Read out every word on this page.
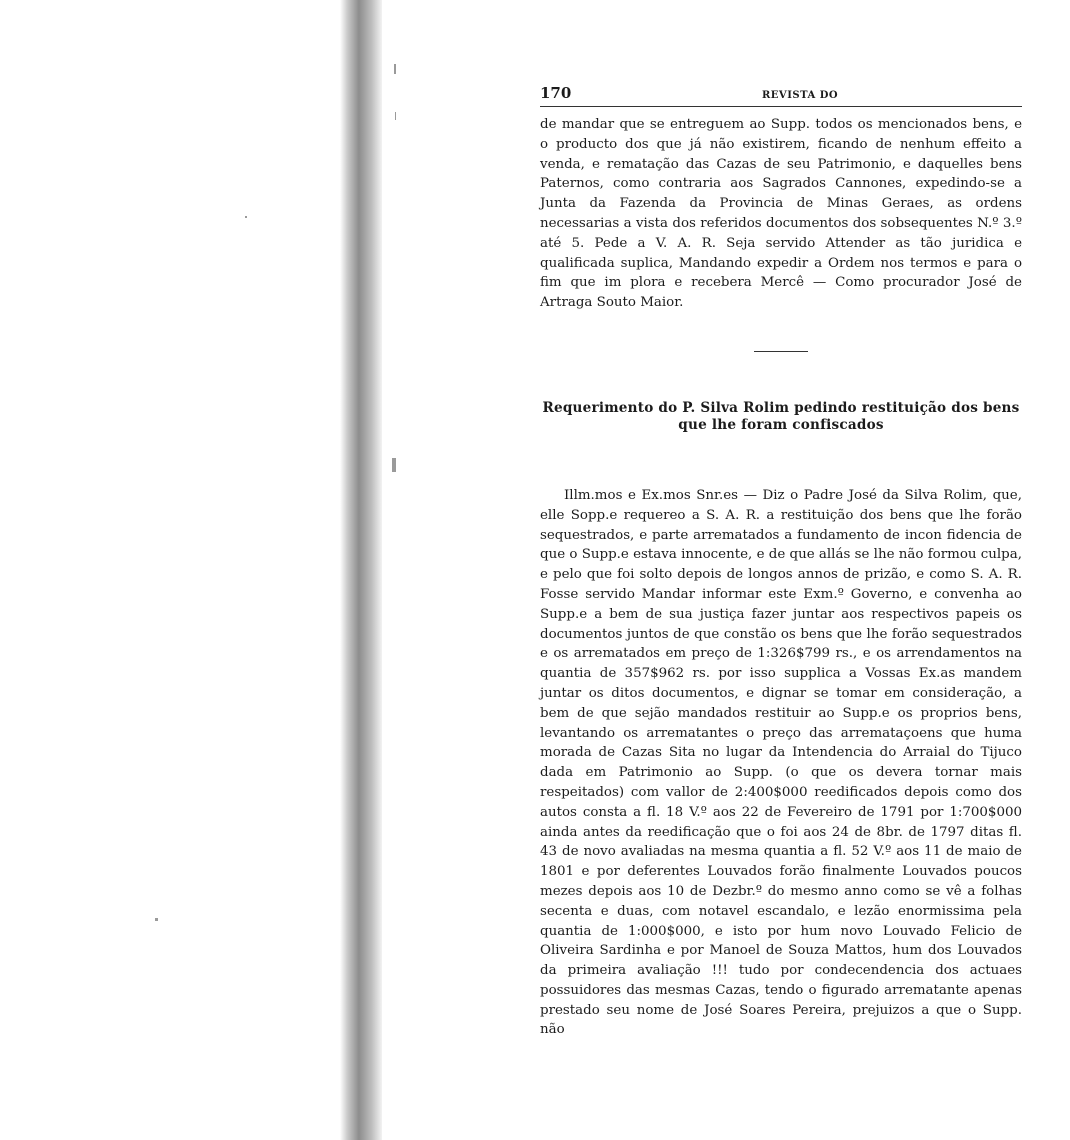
170	REVISTA DO

de mandar que se entreguem ao Supp. todos os mencionados bens, e o producto dos que já não existirem, ficando de nenhum effeito a venda, e rematação das Cazas de seu Patrimonio, e daquelles bens Paternos, como contraria aos Sagrados Cannones, expedindo-se a Junta da Fazenda da Provincia de Minas Geraes, as ordens necessarias a vista dos referidos documentos dos sobsequentes N.º 3.º até 5. Pede a V. A. R. Seja servido Attender as tão juridica e qualificada suplica, Mandando expedir a Ordem nos termos e para o fim que im plora e recebera Mercê — Como procurador José de Artraga Souto Maior.

Requerimento do P. Silva Rolim pedindo restituição dos bens que lhe foram confiscados

Illm.mos e Ex.mos Snr.es — Diz o Padre José da Silva Rolim, que, elle Sopp.e requereo a S. A. R. a restituição dos bens que lhe forão sequestrados, e parte arrematados a fundamento de incon fidencia de que o Supp.e estava innocente, e de que allás se lhe não formou culpa, e pelo que foi solto depois de longos annos de prizão, e como S. A. R. Fosse servido Mandar informar este Exm.º Governo, e convenha ao Supp.e a bem de sua justiça fazer juntar aos respectivos papeis os documentos juntos de que constão os bens que lhe forão sequestrados e os arrematados em preço de 1:326$799 rs., e os arrendamentos na quantia de 357$962 rs. por isso supplica a Vossas Ex.as mandem juntar os ditos documentos, e dignar se tomar em consideração, a bem de que sejão mandados restituir ao Supp.e os proprios bens, levantando os arrematantes o preço das arremataçoens que huma morada de Cazas Sita no lugar da Intendencia do Arraial do Tijuco dada em Patrimonio ao Supp. (o que os devera tornar mais respeitados) com vallor de 2:400$000 reedificados depois como dos autos consta a fl. 18 V.º aos 22 de Fevereiro de 1791 por 1:700$000 ainda antes da reedificação que o foi aos 24 de 8br. de 1797 ditas fl. 43 de novo avaliadas na mesma quantia a fl. 52 V.º aos 11 de maio de 1801 e por deferentes Louvados forão finalmente Louvados poucos mezes depois aos 10 de Dezbr.º do mesmo anno como se vê a folhas secenta e duas, com notavel escandalo, e lezão enormissima pela quantia de 1:000$000, e isto por hum novo Louvado Felicio de Oliveira Sardinha e por Manoel de Souza Mattos, hum dos Louvados da primeira avaliação !!! tudo por condecendencia dos actuaes possuidores das mesmas Cazas, tendo o figurado arrematante apenas prestado seu nome de José Soares Pereira, prejuizos a que o Supp. não
